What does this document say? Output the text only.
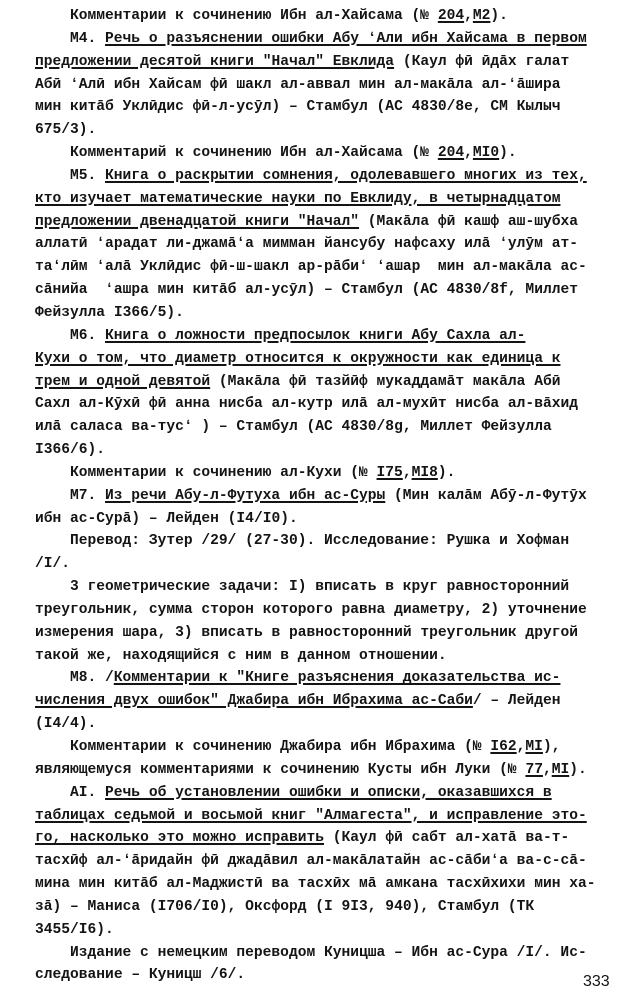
Комментарии к сочинению Ибн ал-Хайсама (№ 204,M2).
M4. Речь о разъяснении ошибки Абу ʻАли ибн Хайсама в первом
предложении десятой книги "Начал" Евклида (Каул фӣ ӣдāх галат
Абӣ ʻАлӣ ибн Хайсам фӣ шакл ал-аввал мин ал-макāла ал-ʻāшира
мин китāб Уклӣдис фӣ-л-усӯл) – Стамбул (АС 4830/8е, СМ Кылыч
675/3).
Комментарий к сочинению Ибн ал-Хайсама (№ 204,MI0).
M5. Книга о раскрытии сомнения, одолевавшего многих из тех,
кто изучает математические науки по Евклиду, в четырнадцатом
предложении двенадцатой книги "Начал" (Макāла фӣ кашф аш-шубха
аллатӣ ʻарадат ли-джамāʻа мимман йансубу нафсаху илā ʻулӯм ат-
таʻлӣм ʻалā Уклӣдис фӣ-ш-шакл ар-рāбиʻ ʻашар  мин ал-макāла ас-
сāнийа  ʻашра мин китāб ал-усӯл) – Стамбул (АС 4830/8f, Миллет
Фейзулла I366/5).
M6. Книга о ложности предпосылок книги Абу Сахла ал-
Кухи о том, что диаметр относится к окружности как единица к
трем и одной девятой (Макāла фӣ тазйӣф мукаддамāт макāла Абӣ
Сахл ал-Кӯхӣ фӣ анна нисба ал-кутр илā ал-мухӣт нисба ал-вāхид
илā саласа ва-тусʻ ) – Стамбул (АС 4830/8g, Миллет Фейзулла
I366/6).
Комментарии к сочинению ал-Кухи (№ I75,MI8).
M7. Из речи Абу-л-Футуха ибн ас-Суры (Мин калāм Абӯ-л-Футӯх
ибн ас-Сурā) – Лейден (I4/I0).
Перевод: Зутер /29/ (27-30). Исследование: Рушка и Хофман
/I/.
3 геометрические задачи: I) вписать в круг равносторонний
треугольник, сумма сторон которого равна диаметру, 2) уточнение
измерения шара, 3) вписать в равносторонний треугольник другой
такой же, находящийся с ним в данном отношении.
M8. /Комментарии к "Книге разъяснения доказательства ис-
числения двух ошибок" Джабира ибн Ибрахима ас-Саби/ – Лейден
(I4/4).
Комментарии к сочинению Джабира ибн Ибрахима (№ I62,MI),
являющемуся комментариями к сочинению Кусты ибн Луки (№ 77,MI).
AI. Речь об установлении ошибки и описки, оказавшихся в
таблицах седьмой и восьмой книг "Алмагеста", и исправление это-
го, насколько это можно исправить (Каул фӣ сабт ал-хатā ва-т-
тасхӣф ал-ʻāридайн фӣ джадāвил ал-макāлатайн ас-сāбиʻа ва-с-сā-
мина мин китāб ал-Маджистӣ ва тасхӣх мā амкана тасхӣхихи мин ха-
зā) – Маниса (I706/I0), Оксфорд (I 9I3, 940), Стамбул (ТК
3455/I6).
Издание с немецким переводом Куницша – Ибн ас-Сура /I/. Ис-
следование – Куницш /6/.	333
